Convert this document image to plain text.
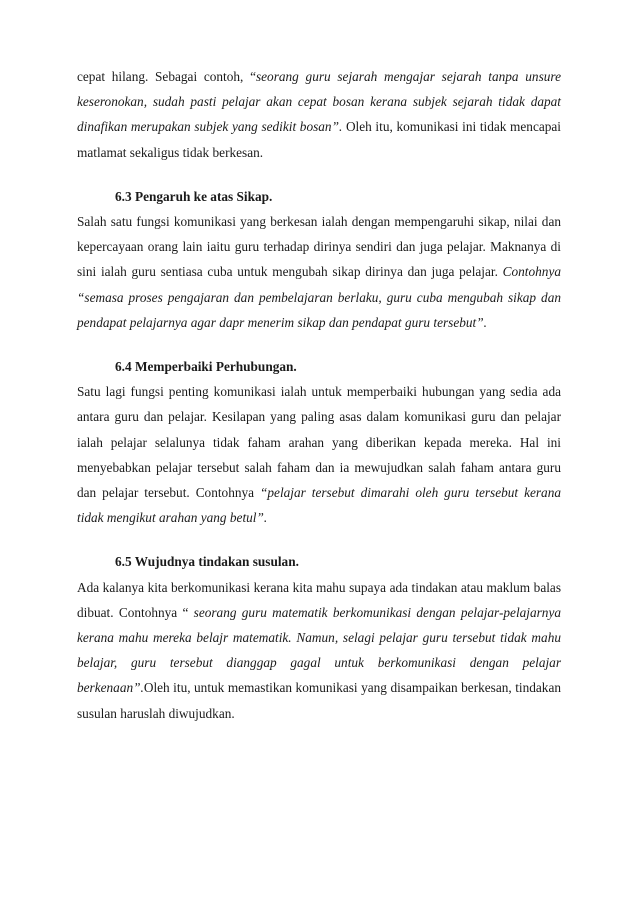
cepat hilang. Sebagai contoh, “seorang guru sejarah mengajar sejarah tanpa unsure keseronokan, sudah pasti pelajar akan cepat bosan kerana subjek sejarah tidak dapat dinafikan merupakan subjek yang sedikit bosan”. Oleh itu, komunikasi ini tidak mencapai matlamat sekaligus tidak berkesan.

6.3 Pengaruh ke atas Sikap.

Salah satu fungsi komunikasi yang berkesan ialah dengan mempengaruhi sikap, nilai dan kepercayaan orang lain iaitu guru terhadap dirinya sendiri dan juga pelajar. Maknanya di sini ialah guru sentiasa cuba untuk mengubah sikap dirinya dan juga pelajar. Contohnya “semasa proses pengajaran dan pembelajaran berlaku, guru cuba mengubah sikap dan pendapat pelajarnya agar dapr menerim sikap dan pendapat guru tersebut”.

6.4 Memperbaiki Perhubungan.

Satu lagi fungsi penting komunikasi ialah untuk memperbaiki hubungan yang sedia ada antara guru dan pelajar. Kesilapan yang paling asas dalam komunikasi guru dan pelajar ialah pelajar selalunya tidak faham arahan yang diberikan kepada mereka. Hal ini menyebabkan pelajar tersebut salah faham dan ia mewujudkan salah faham antara guru dan pelajar tersebut. Contohnya “pelajar tersebut dimarahi oleh guru tersebut kerana tidak mengikut arahan yang betul”.

6.5 Wujudnya tindakan susulan.

Ada kalanya kita berkomunikasi kerana kita mahu supaya ada tindakan atau maklum balas dibuat. Contohnya “ seorang guru matematik berkomunikasi dengan pelajar-pelajarnya kerana mahu mereka belajr matematik. Namun, selagi pelajar guru tersebut tidak mahu belajar, guru tersebut dianggap gagal untuk berkomunikasi dengan pelajar berkenaan”.Oleh itu, untuk memastikan komunikasi yang disampaikan berkesan, tindakan susulan haruslah diwujudkan.
